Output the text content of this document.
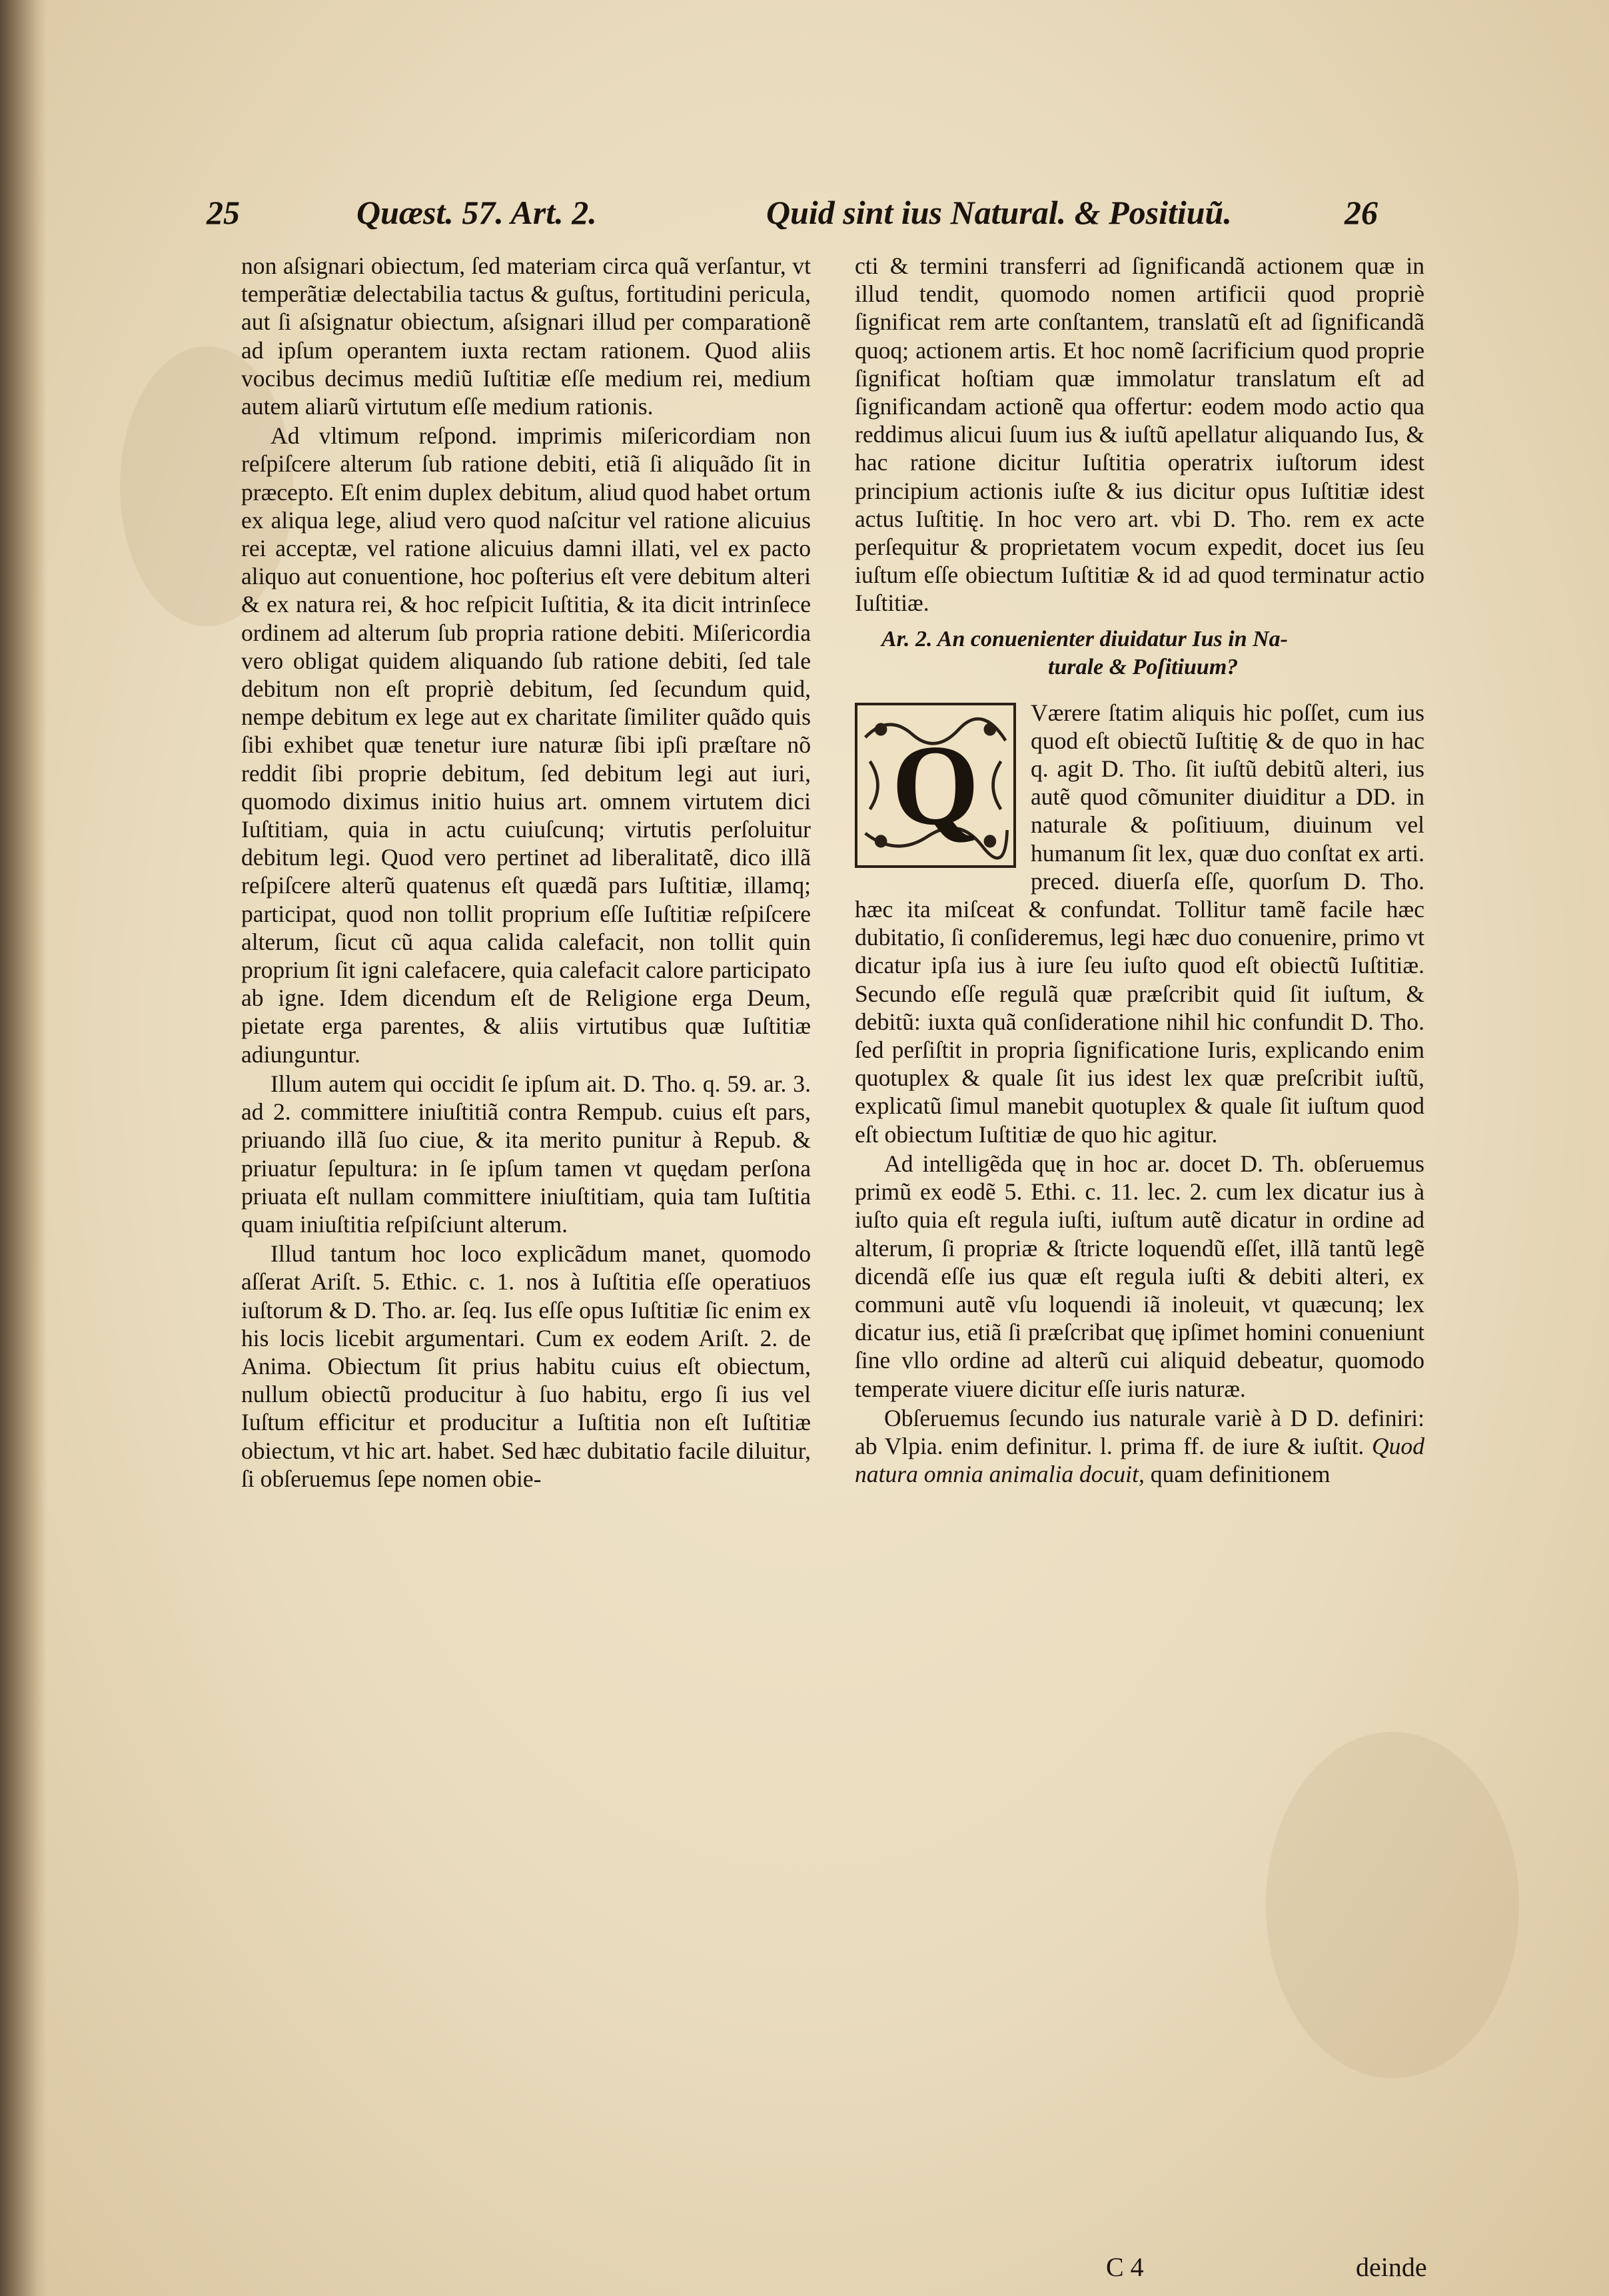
25	Quæst. 57. Art. 2.	Quid sint ius Natural. & Positiuũ.	26

non aſsignari obiectum, ſed materiam circa quã verſantur, vt temperãtiæ delectabilia tactus & guſtus, fortitudini pericula, aut ſi aſsignatur obiectum, aſsignari illud per comparationẽ ad ipſum operantem iuxta rectam rationem. Quod aliis vocibus decimus mediũ Iuſtitiæ eſſe medium rei, medium autem aliarũ virtutum eſſe medium rationis.

Ad vltimum reſpond. imprimis miſericordiam non reſpiſcere alterum ſub ratione debiti, etiã ſi aliquãdo ſit in præcepto. Eſt enim duplex debitum, aliud quod habet ortum ex aliqua lege, aliud vero quod naſcitur vel ratione alicuius rei acceptæ, vel ratione alicuius damni illati, vel ex pacto aliquo aut conuentione, hoc poſterius eſt vere debitum alteri & ex natura rei, & hoc reſpicit Iuſtitia, & ita dicit intrinſece ordinem ad alterum ſub propria ratione debiti. Miſericordia vero obligat quidem aliquando ſub ratione debiti, ſed tale debitum non eſt propriè debitum, ſed ſecundum quid, nempe debitum ex lege aut ex charitate ſimiliter quãdo quis ſibi exhibet quæ tenetur iure naturæ ſibi ipſi præſtare nõ reddit ſibi proprie debitum, ſed debitum legi aut iuri, quomodo diximus initio huius art. omnem virtutem dici Iuſtitiam, quia in actu cuiuſcunq; virtutis perſoluitur debitum legi. Quod vero pertinet ad liberalitatẽ, dico illã reſpiſcere alterũ quatenus eſt quædã pars Iuſtitiæ, illamq; participat, quod non tollit proprium eſſe Iuſtitiæ reſpiſcere alterum, ſicut cũ aqua calida calefacit, non tollit quin proprium ſit igni calefacere, quia calefacit calore participato ab igne. Idem dicendum eſt de Religione erga Deum, pietate erga parentes, & aliis virtutibus quæ Iuſtitiæ adiunguntur.

Illum autem qui occidit ſe ipſum ait. D. Tho. q. 59. ar. 3. ad 2. committere iniuſtitiã contra Rempub. cuius eſt pars, priuando illã ſuo ciue, & ita merito punitur à Repub. & priuatur ſepultura: in ſe ipſum tamen vt quędam perſona priuata eſt nullam committere iniuſtitiam, quia tam Iuſtitia quam iniuſtitia reſpiſciunt alterum.

Illud tantum hoc loco explicãdum manet, quomodo aſſerat Ariſt. 5. Ethic. c. 1. nos à Iuſtitia eſſe operatiuos iuſtorum & D. Tho. ar. ſeq. Ius eſſe opus Iuſtitiæ ſic enim ex his locis licebit argumentari. Cum ex eodem Ariſt. 2. de Anima. Obiectum ſit prius habitu cuius eſt obiectum, nullum obiectũ producitur à ſuo habitu, ergo ſi ius vel Iuſtum efficitur et producitur a Iuſtitia non eſt Iuſtitiæ obiectum, vt hic art. habet. Sed hæc dubitatio facile diluitur, ſi obſeruemus ſepe nomen obie-

cti & termini transferri ad ſignificandã actionem quæ in illud tendit, quomodo nomen artificii quod propriè ſignificat rem arte conſtantem, translatũ eſt ad ſignificandã quoq; actionem artis. Et hoc nomẽ ſacrificium quod proprie ſignificat hoſtiam quæ immolatur translatum eſt ad ſignificandam actionẽ qua offertur: eodem modo actio qua reddimus alicui ſuum ius & iuſtũ apellatur aliquando Ius, & hac ratione dicitur Iuſtitia operatrix iuſtorum idest principium actionis iuſte & ius dicitur opus Iuſtitiæ idest actus Iuſtitię. In hoc vero art. vbi D. Tho. rem ex acte perſequitur & proprietatem vocum expedit, docet ius ſeu iuſtum eſſe obiectum Iuſtitiæ & id ad quod terminatur actio Iuſtitiæ.

Ar. 2. An conuenienter diuidatur Ius in Na-
turale & Poſitiuum?

Q
Værere ſtatim aliquis hic poſſet, cum ius quod eſt obiectũ Iuſtitię & de quo in hac q. agit D. Tho. ſit iuſtũ debitũ alteri, ius autẽ quod cõmuniter diuiditur a DD. in naturale & poſitiuum, diuinum vel humanum ſit lex, quæ duo conſtat ex arti. preced. diuerſa eſſe, quorſum D. Tho. hæc ita miſceat & confundat. Tollitur tamẽ facile hæc dubitatio, ſi conſideremus, legi hæc duo conuenire, primo vt dicatur ipſa ius à iure ſeu iuſto quod eſt obiectũ Iuſtitiæ. Secundo eſſe regulã quæ præſcribit quid ſit iuſtum, & debitũ: iuxta quã conſideratione nihil hic confundit D. Tho. ſed perſiſtit in propria ſignificatione Iuris, explicando enim quotuplex & quale ſit ius idest lex quæ preſcribit iuſtũ, explicatũ ſimul manebit quotuplex & quale ſit iuſtum quod eſt obiectum Iuſtitiæ de quo hic agitur.

Ad intelligẽda quę in hoc ar. docet D. Th. obſeruemus primũ ex eodẽ 5. Ethi. c. 11. lec. 2. cum lex dicatur ius à iuſto quia eſt regula iuſti, iuſtum autẽ dicatur in ordine ad alterum, ſi propriæ & ſtricte loquendũ eſſet, illã tantũ legẽ dicendã eſſe ius quæ eſt regula iuſti & debiti alteri, ex communi autẽ vſu loquendi iã inoleuit, vt quæcunq; lex dicatur ius, etiã ſi præſcribat quę ipſimet homini conueniunt ſine vllo ordine ad alterũ cui aliquid debeatur, quomodo temperate viuere dicitur eſſe iuris naturæ.

Obſeruemus ſecundo ius naturale variè à D D. definiri: ab Vlpia. enim definitur. l. prima ff. de iure & iuſtit. Quod natura omnia animalia docuit, quam definitionem

C 4	deinde
